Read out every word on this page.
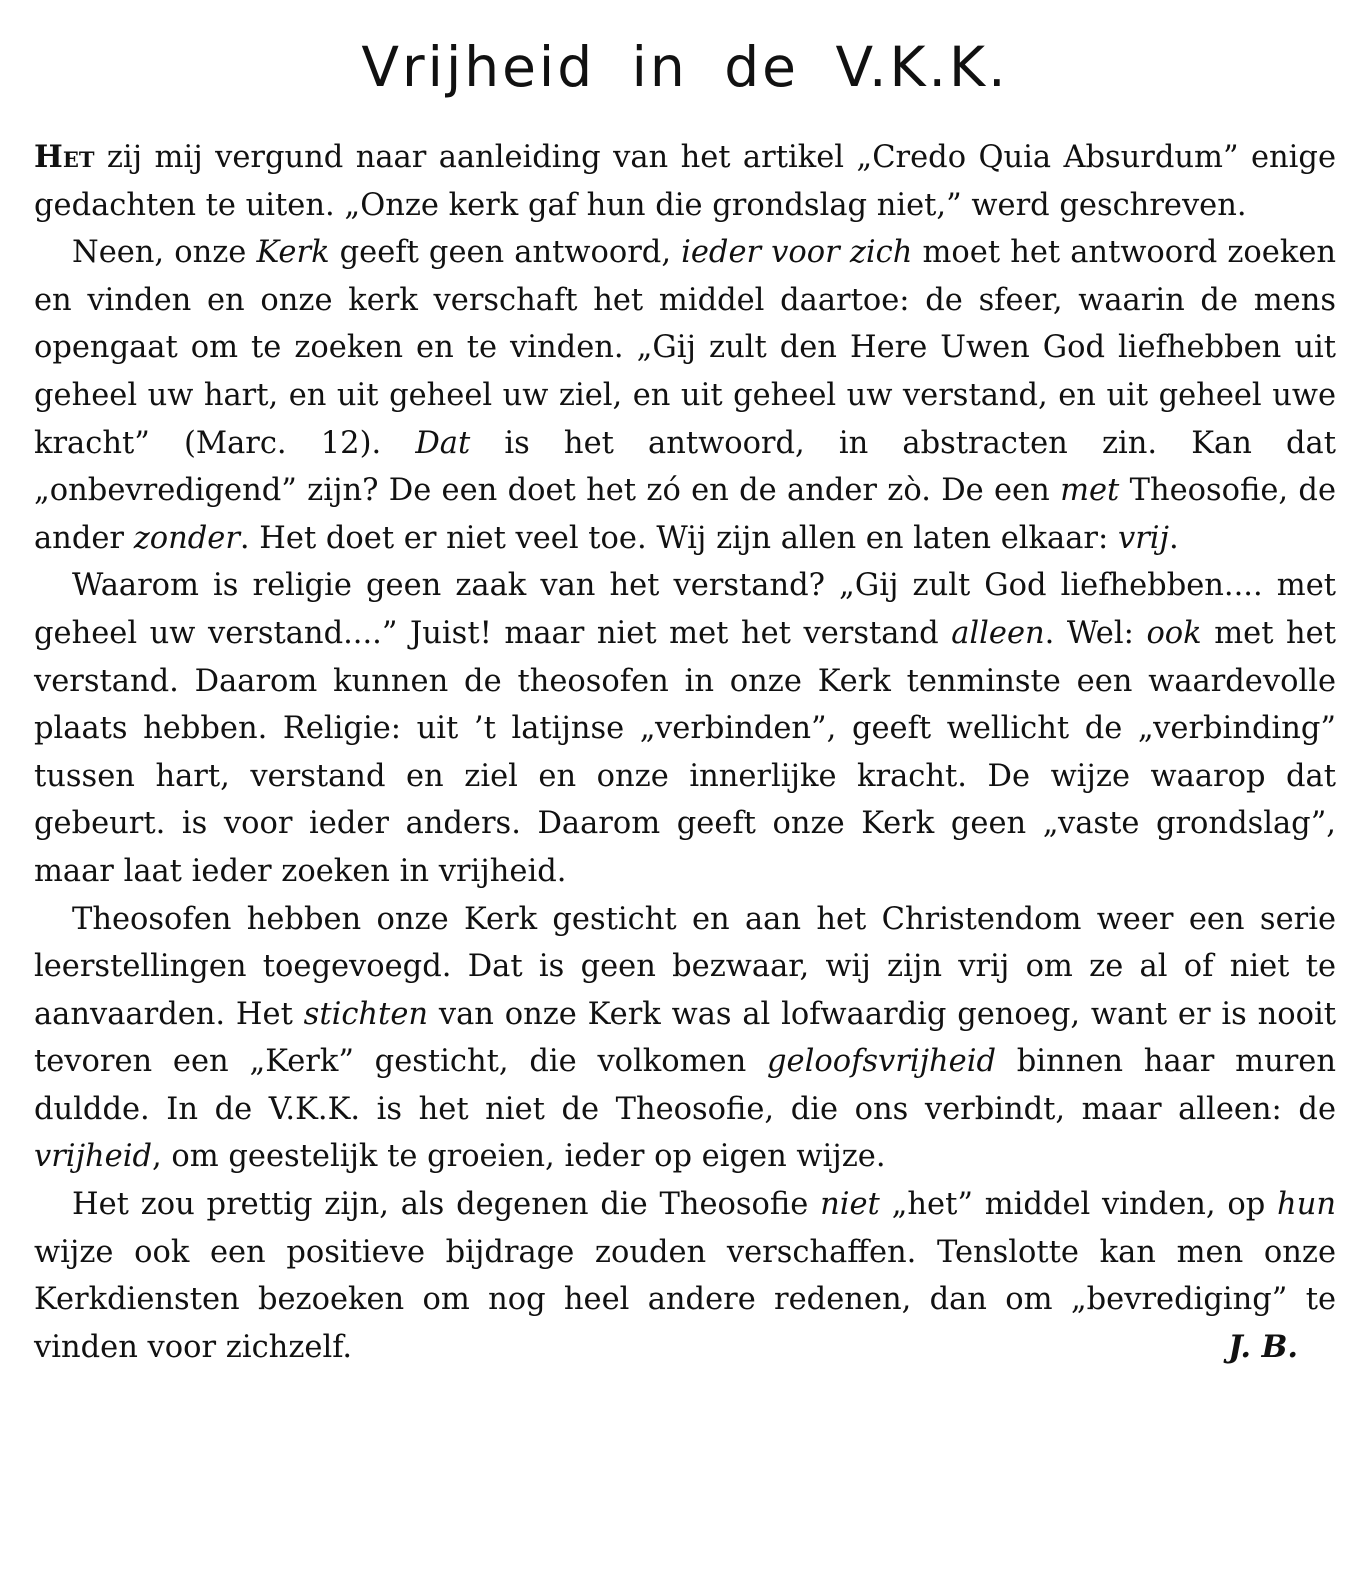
Vrijheid in de V.K.K.

Het zij mij vergund naar aanleiding van het artikel „Credo Quia Absurdum” enige gedachten te uiten. „Onze kerk gaf hun die grondslag niet,” werd geschreven.

Neen, onze Kerk geeft geen antwoord, ieder voor zich moet het antwoord zoeken en vinden en onze kerk verschaft het middel daartoe: de sfeer, waarin de mens opengaat om te zoeken en te vinden. „Gij zult den Here Uwen God liefhebben uit geheel uw hart, en uit geheel uw ziel, en uit geheel uw verstand, en uit geheel uwe kracht” (Marc. 12). Dat is het antwoord, in abstracten zin. Kan dat „onbevredigend” zijn? De een doet het zó en de ander zò. De een met Theosofie, de ander zonder. Het doet er niet veel toe. Wij zijn allen en laten elkaar: vrij.

Waarom is religie geen zaak van het verstand? „Gij zult God liefhebben.... met geheel uw verstand....” Juist! maar niet met het verstand alleen. Wel: ook met het verstand. Daarom kunnen de theosofen in onze Kerk tenminste een waardevolle plaats hebben. Religie: uit ’t latijnse „verbinden”, geeft wellicht de „verbinding” tussen hart, verstand en ziel en onze innerlijke kracht. De wijze waarop dat gebeurt. is voor ieder anders. Daarom geeft onze Kerk geen „vaste grondslag”, maar laat ieder zoeken in vrijheid.

Theosofen hebben onze Kerk gesticht en aan het Christendom weer een serie leerstellingen toegevoegd. Dat is geen bezwaar, wij zijn vrij om ze al of niet te aanvaarden. Het stichten van onze Kerk was al lofwaardig genoeg, want er is nooit tevoren een „Kerk” gesticht, die volkomen geloofsvrijheid binnen haar muren duldde. In de V.K.K. is het niet de Theosofie, die ons verbindt, maar alleen: de vrijheid, om geestelijk te groeien, ieder op eigen wijze.

Het zou prettig zijn, als degenen die Theosofie niet „het” middel vinden, op hun wijze ook een positieve bijdrage zouden verschaffen. Tenslotte kan men onze Kerkdiensten bezoeken om nog heel andere redenen, dan om „bevrediging” te vinden voor zichzelf.	J. B.
